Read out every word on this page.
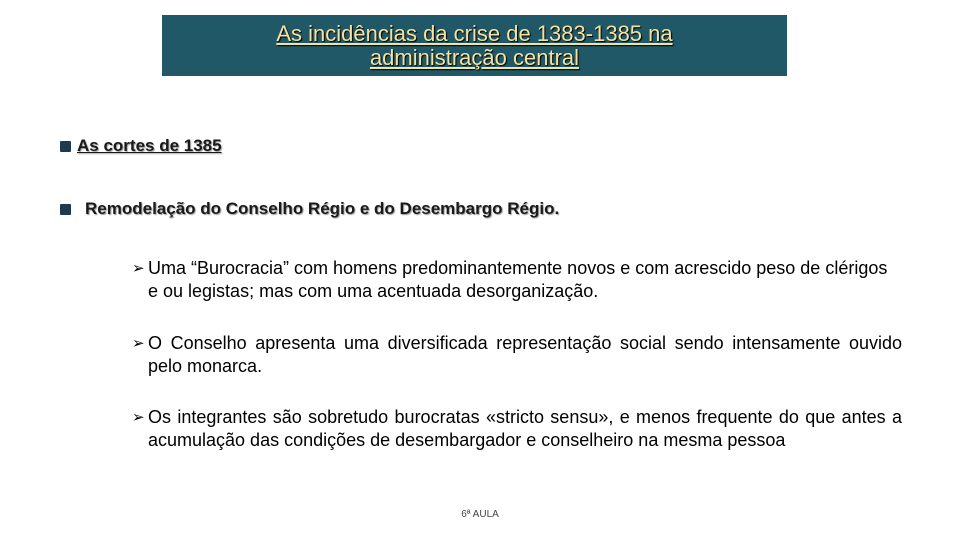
As incidências da crise de 1383-1385 na
administração central
As cortes de 1385
Remodelação do Conselho Régio e do Desembargo Régio.
➢ Uma “Burocracia” com homens predominantemente novos e com acrescido peso de clérigos e ou legistas; mas com uma acentuada desorganização.
➢ O Conselho apresenta uma diversificada representação social sendo intensamente ouvido pelo monarca.
➢ Os integrantes são sobretudo burocratas «stricto sensu», e menos frequente do que antes a acumulação das condições de desembargador e conselheiro na mesma pessoa
6ª AULA
